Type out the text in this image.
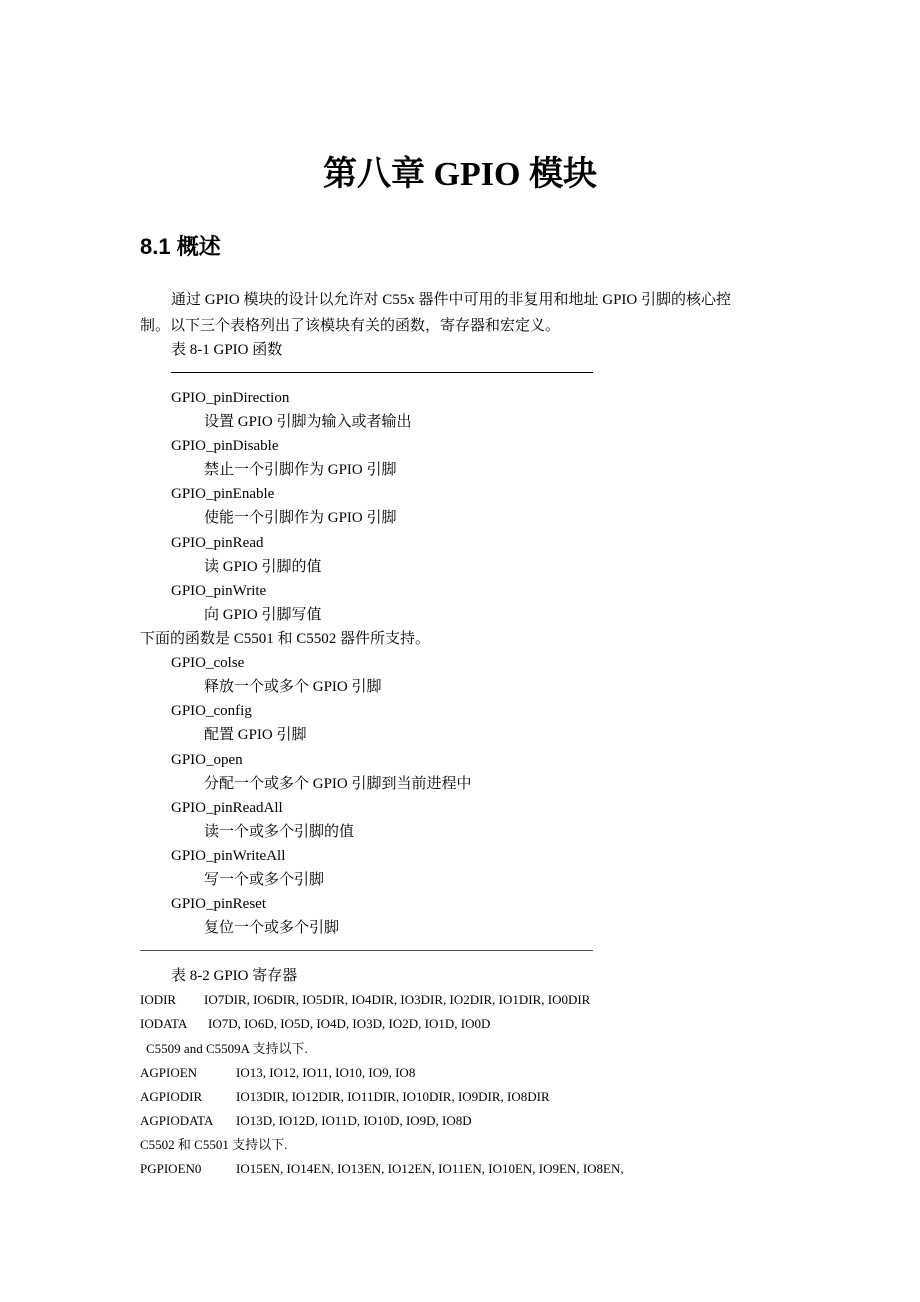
第八章 GPIO 模块
8.1 概述
通过 GPIO 模块的设计以允许对 C55x 器件中可用的非复用和地址 GPIO 引脚的核心控
制。以下三个表格列出了该模块有关的函数，寄存器和宏定义。
表 8-1 GPIO 函数
GPIO_pinDirection
设置 GPIO 引脚为输入或者输出
GPIO_pinDisable
禁止一个引脚作为 GPIO 引脚
GPIO_pinEnable
使能一个引脚作为 GPIO 引脚
GPIO_pinRead
读 GPIO 引脚的值
GPIO_pinWrite
向 GPIO 引脚写值
下面的函数是 C5501 和 C5502 器件所支持。
GPIO_colse
释放一个或多个 GPIO 引脚
GPIO_config
配置 GPIO 引脚
GPIO_open
分配一个或多个 GPIO 引脚到当前进程中
GPIO_pinReadAll
读一个或多个引脚的值
GPIO_pinWriteAll
写一个或多个引脚
GPIO_pinReset
复位一个或多个引脚
表 8-2 GPIO 寄存器
IODIR IO7DIR, IO6DIR, IO5DIR, IO4DIR, IO3DIR, IO2DIR, IO1DIR, IO0DIR
IODATA IO7D, IO6D, IO5D, IO4D, IO3D, IO2D, IO1D, IO0D
C5509 and C5509A 支持以下.
AGPIOEN	IO13, IO12, IO11, IO10, IO9, IO8
AGPIODIR	IO13DIR, IO12DIR, IO11DIR, IO10DIR, IO9DIR, IO8DIR
AGPIODATA IO13D, IO12D, IO11D, IO10D, IO9D, IO8D
C5502 和 C5501 支持以下.
PGPIOEN0	IO15EN, IO14EN, IO13EN, IO12EN, IO11EN, IO10EN, IO9EN, IO8EN,
